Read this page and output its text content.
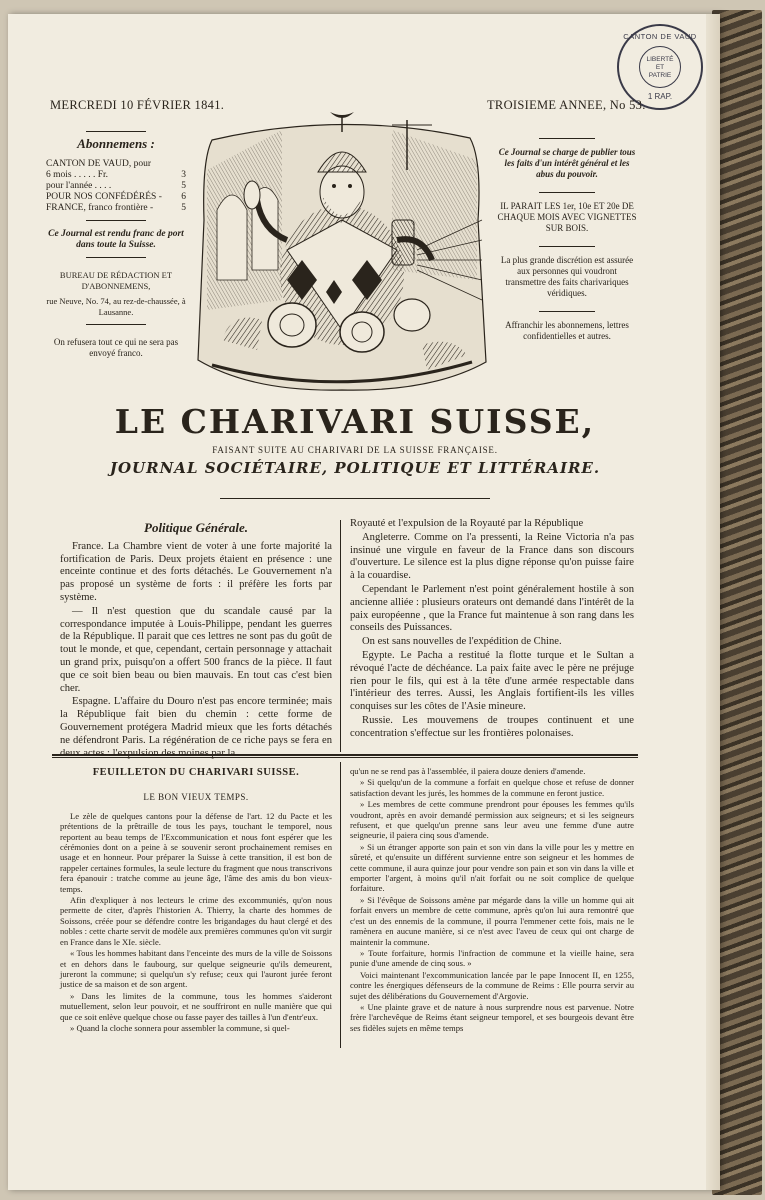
CANTON DE VAUD
LIBERTÉ
ET
PATRIE
1 RAP.
MERCREDI 10 FÉVRIER 1841.	TROISIEME ANNEE, No 53.
Abonnemens :
CANTON DE VAUD, pour
6 mois . . . . . Fr.	3
pour l'année . . . .	5
POUR NOS CONFÉDÉRÉS - 6
FRANCE, franco frontière -	5
Ce Journal est rendu franc de port dans toute la Suisse.
BUREAU DE RÉDACTION ET D'ABONNEMENS,
rue Neuve, No. 74, au rez-de-chaussée, à Lausanne.
On refusera tout ce qui ne sera pas envoyé franco.
Ce Journal se charge de publier tous les faits d'un intérêt général et les abus du pouvoir.
IL PARAIT LES 1er, 10e ET 20e DE CHAQUE MOIS AVEC VIGNETTES SUR BOIS.
La plus grande discrétion est assurée aux personnes qui voudront transmettre des faits charivariques véridiques.
Affranchir les abonnemens, lettres confidentielles et autres.
LE CHARIVARI SUISSE,
FAISANT SUITE AU CHARIVARI DE LA SUISSE FRANÇAISE.
JOURNAL SOCIÉTAIRE, POLITIQUE ET LITTÉRAIRE.
Politique Générale.

France. La Chambre vient de voter à une forte majorité la fortification de Paris. Deux projets étaient en présence : une enceinte continue et des forts détachés. Le Gouvernement n'a pas proposé un système de forts : il préfère les forts par système.

— Il n'est question que du scandale causé par la correspondance imputée à Louis-Philippe, pendant les guerres de la République. Il parait que ces lettres ne sont pas du goût de tout le monde, et que, cependant, certain personnage y attachait un grand prix, puisqu'on a offert 500 francs de la pièce. Il faut que ce soit bien beau ou bien mauvais. En tout cas c'est bien cher.

Espagne. L'affaire du Douro n'est pas encore terminée; mais la République fait bien du chemin : cette forme de Gouvernement protégera Madrid mieux que les forts détachés ne défendront Paris. La régénération de ce riche pays se fera en deux actes : l'expulsion des moines par la

Royauté et l'expulsion de la Royauté par la République

Angleterre. Comme on l'a pressenti, la Reine Victoria n'a pas insinué une virgule en faveur de la France dans son discours d'ouverture. Le silence est la plus digne réponse qu'on puisse faire à la couardise.

Cependant le Parlement n'est point généralement hostile à son ancienne alliée : plusieurs orateurs ont demandé dans l'intérêt de la paix européenne , que la France fut maintenue à son rang dans les conseils des Puissances.

On est sans nouvelles de l'expédition de Chine.

Egypte. Le Pacha a restitué la flotte turque et le Sultan a révoqué l'acte de déchéance. La paix faite avec le père ne préjuge rien pour le fils, qui est à la tête d'une armée respectable dans l'intérieur des terres. Aussi, les Anglais fortifient-ils les villes conquises sur les côtes de l'Asie mineure.

Russie. Les mouvemens de troupes continuent et une concentration s'effectue sur les frontières polonaises.

FEUILLETON DU CHARIVARI SUISSE.
LE BON VIEUX TEMPS.

Le zèle de quelques cantons pour la défense de l'art. 12 du Pacte et les prétentions de la prêtraille de tous les pays, touchant le temporel, nous reportent au beau temps de l'Excommunication et nous font espérer que les cérémonies dont on a peine à se souvenir seront prochainement remises en usage et en honneur. Pour préparer la Suisse à cette transition, il est bon de rappeler certaines formules, la seule lecture du fragment que nous transcrivons fera épanouir : tratche comme au jeune âge, l'âme des amis du bon vieux-temps.

Afin d'expliquer à nos lecteurs le crime des excommuniés, qu'on nous permette de citer, d'après l'historien A. Thierry, la charte des hommes de Soissons, créée pour se défendre contre les brigandages du haut clergé et des nobles : cette charte servit de modèle aux premières communes qu'on vit surgir en France dans le XIe. siècle.

« Tous les hommes habitant dans l'enceinte des murs de la ville de Soissons et en dehors dans le faubourg, sur quelque seigneurie qu'ils demeurent, jureront la commune; si quelqu'un s'y refuse; ceux qui l'auront jurée feront justice de sa maison et de son argent.

» Dans les limites de la commune, tous les hommes s'aideront mutuellement, selon leur pouvoir, et ne souffriront en nulle manière que qui que ce soit enlève quelque chose ou fasse payer des tailles à l'un d'entr'eux.

» Quand la cloche sonnera pour assembler la commune, si quel-

qu'un ne se rend pas à l'assemblée, il paiera douze deniers d'amende.

» Si quelqu'un de la commune a forfait en quelque chose et refuse de donner satisfaction devant les jurés, les hommes de la commune en feront justice.

» Les membres de cette commune prendront pour épouses les femmes qu'ils voudront, après en avoir demandé permission aux seigneurs; et si les seigneurs refusent, et que quelqu'un prenne sans leur aveu une femme d'une autre seigneurie, il paiera cinq sous d'amende.

» Si un étranger apporte son pain et son vin dans la ville pour les y mettre en sûreté, et qu'ensuite un différent survienne entre son seigneur et les hommes de cette commune, il aura quinze jour pour vendre son pain et son vin dans la ville et emporter l'argent, à moins qu'il n'ait forfait ou ne soit complice de quelque forfaiture.

» Si l'évêque de Soissons amène par mégarde dans la ville un homme qui ait forfait envers un membre de cette commune, après qu'on lui aura remontré que c'est un des ennemis de la commune, il pourra l'emmener cette fois, mais ne le ramènera en aucune manière, si ce n'est avec l'aveu de ceux qui ont charge de maintenir la commune.

» Toute forfaiture, hormis l'infraction de commune et la vieille haine, sera punie d'une amende de cinq sous. »

Voici maintenant l'excommunication lancée par le pape Innocent II, en 1255, contre les énergiques défenseurs de la commune de Reims : Elle pourra servir au sujet des délibérations du Gouvernement d'Argovie.

« Une plainte grave et de nature à nous surprendre nous est parvenue. Notre frère l'archevêque de Reims étant seigneur temporel, et ses bourgeois devant être ses fidèles sujets en même temps
